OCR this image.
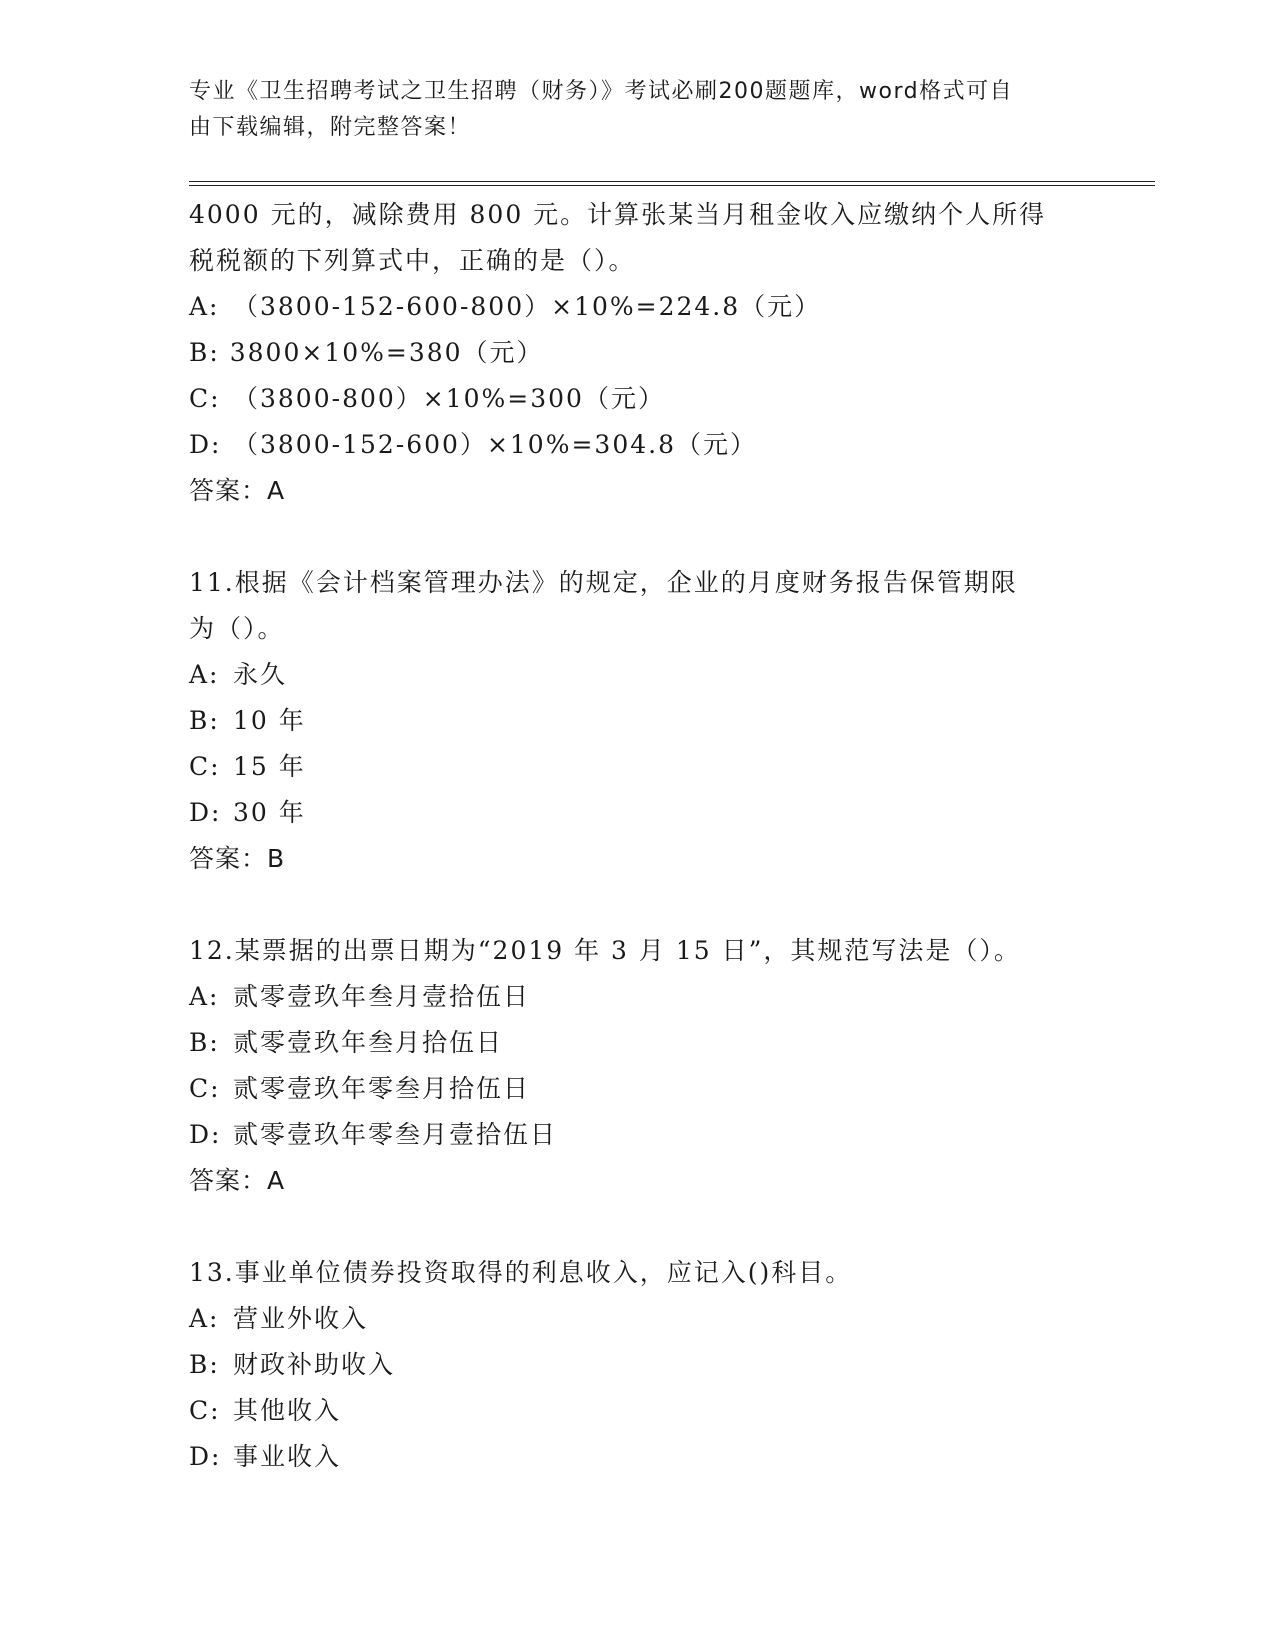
专业《卫生招聘考试之卫生招聘（财务）》考试必刷200题题库，word格式可自
由下载编辑，附完整答案！
4000 元的，减除费用 800 元。计算张某当月租金收入应缴纳个人所得
税税额的下列算式中，正确的是（）。
A: （3800-152-600-800）×10%=224.8（元）
B: 3800×10%=380（元）
C: （3800-800）×10%=300（元）
D: （3800-152-600）×10%=304.8（元）
答案：A
11.根据《会计档案管理办法》的规定，企业的月度财务报告保管期限
为（）。
A: 永久
B: 10 年
C: 15 年
D: 30 年
答案：B
12.某票据的出票日期为“2019 年 3 月 15 日”，其规范写法是（）。
A: 贰零壹玖年叁月壹拾伍日
B: 贰零壹玖年叁月拾伍日
C: 贰零壹玖年零叁月拾伍日
D: 贰零壹玖年零叁月壹拾伍日
答案：A
13.事业单位债券投资取得的利息收入，应记入()科目。
A: 营业外收入
B: 财政补助收入
C: 其他收入
D: 事业收入
